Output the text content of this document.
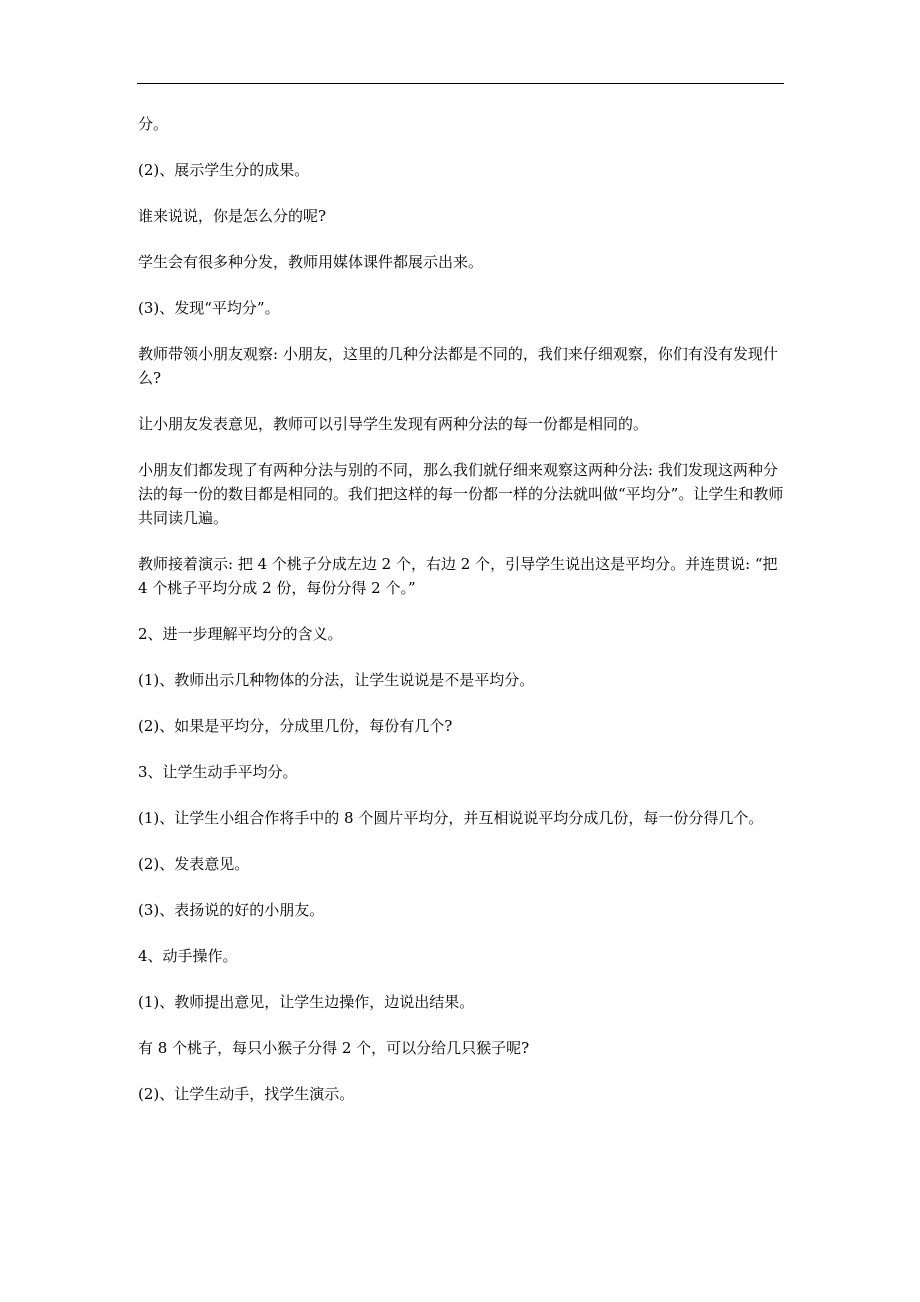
分。

(2)、展示学生分的成果。

谁来说说，你是怎么分的呢?

学生会有很多种分发，教师用媒体课件都展示出来。

(3)、发现“平均分”。

教师带领小朋友观察: 小朋友，这里的几种分法都是不同的，我们来仔细观察，你们有没有发现什么?

让小朋友发表意见，教师可以引导学生发现有两种分法的每一份都是相同的。

小朋友们都发现了有两种分法与别的不同，那么我们就仔细来观察这两种分法: 我们发现这两种分法的每一份的数目都是相同的。我们把这样的每一份都一样的分法就叫做“平均分”。让学生和教师共同读几遍。

教师接着演示: 把 4 个桃子分成左边 2 个，右边 2 个，引导学生说出这是平均分。并连贯说: “把 4 个桃子平均分成 2 份，每份分得 2 个。”

2、进一步理解平均分的含义。

(1)、教师出示几种物体的分法，让学生说说是不是平均分。

(2)、如果是平均分，分成里几份，每份有几个?

3、让学生动手平均分。

(1)、让学生小组合作将手中的 8 个圆片平均分，并互相说说平均分成几份，每一份分得几个。

(2)、发表意见。

(3)、表扬说的好的小朋友。

4、动手操作。

(1)、教师提出意见，让学生边操作，边说出结果。

有 8 个桃子，每只小猴子分得 2 个，可以分给几只猴子呢?

(2)、让学生动手，找学生演示。
